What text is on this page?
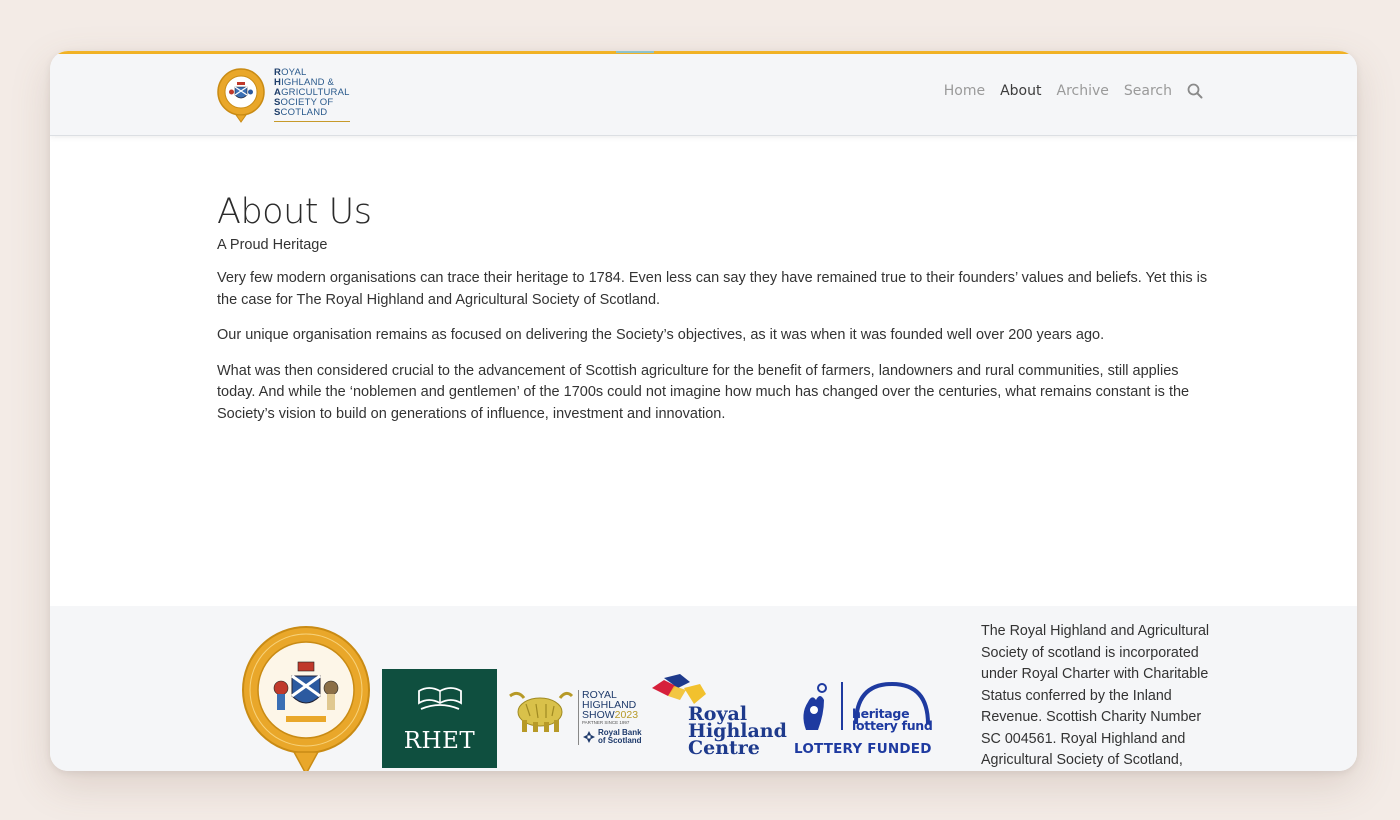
ROYAL
HIGHLAND &
AGRICULTURAL
SOCIETY OF
SCOTLAND
Home About Archive Search
About Us

A Proud Heritage

Very few modern organisations can trace their heritage to 1784. Even less can say they have remained true to their founders’ values and beliefs. Yet this is the case for The Royal Highland and Agricultural Society of Scotland.

Our unique organisation remains as focused on delivering the Society’s objectives, as it was when it was founded well over 200 years ago.

What was then considered crucial to the advancement of Scottish agriculture for the benefit of farmers, landowners and rural communities, still applies today. And while the ‘noblemen and gentlemen’ of the 1700s could not imagine how much has changed over the centuries, what remains constant is the Society’s vision to build on generations of influence, investment and innovation.

RHET
ROYAL
HIGHLAND
SHOW2023
PARTNER SINCE 1997
Royal Bank
of Scotland
Royal
Highland
Centre
heritage
lottery fund
LOTTERY FUNDED

The Royal Highland and Agricultural Society of scotland is incorporated under Royal Charter with Charitable Status conferred by the Inland Revenue. Scottish Charity Number SC 004561. Royal Highland and Agricultural Society of Scotland,
